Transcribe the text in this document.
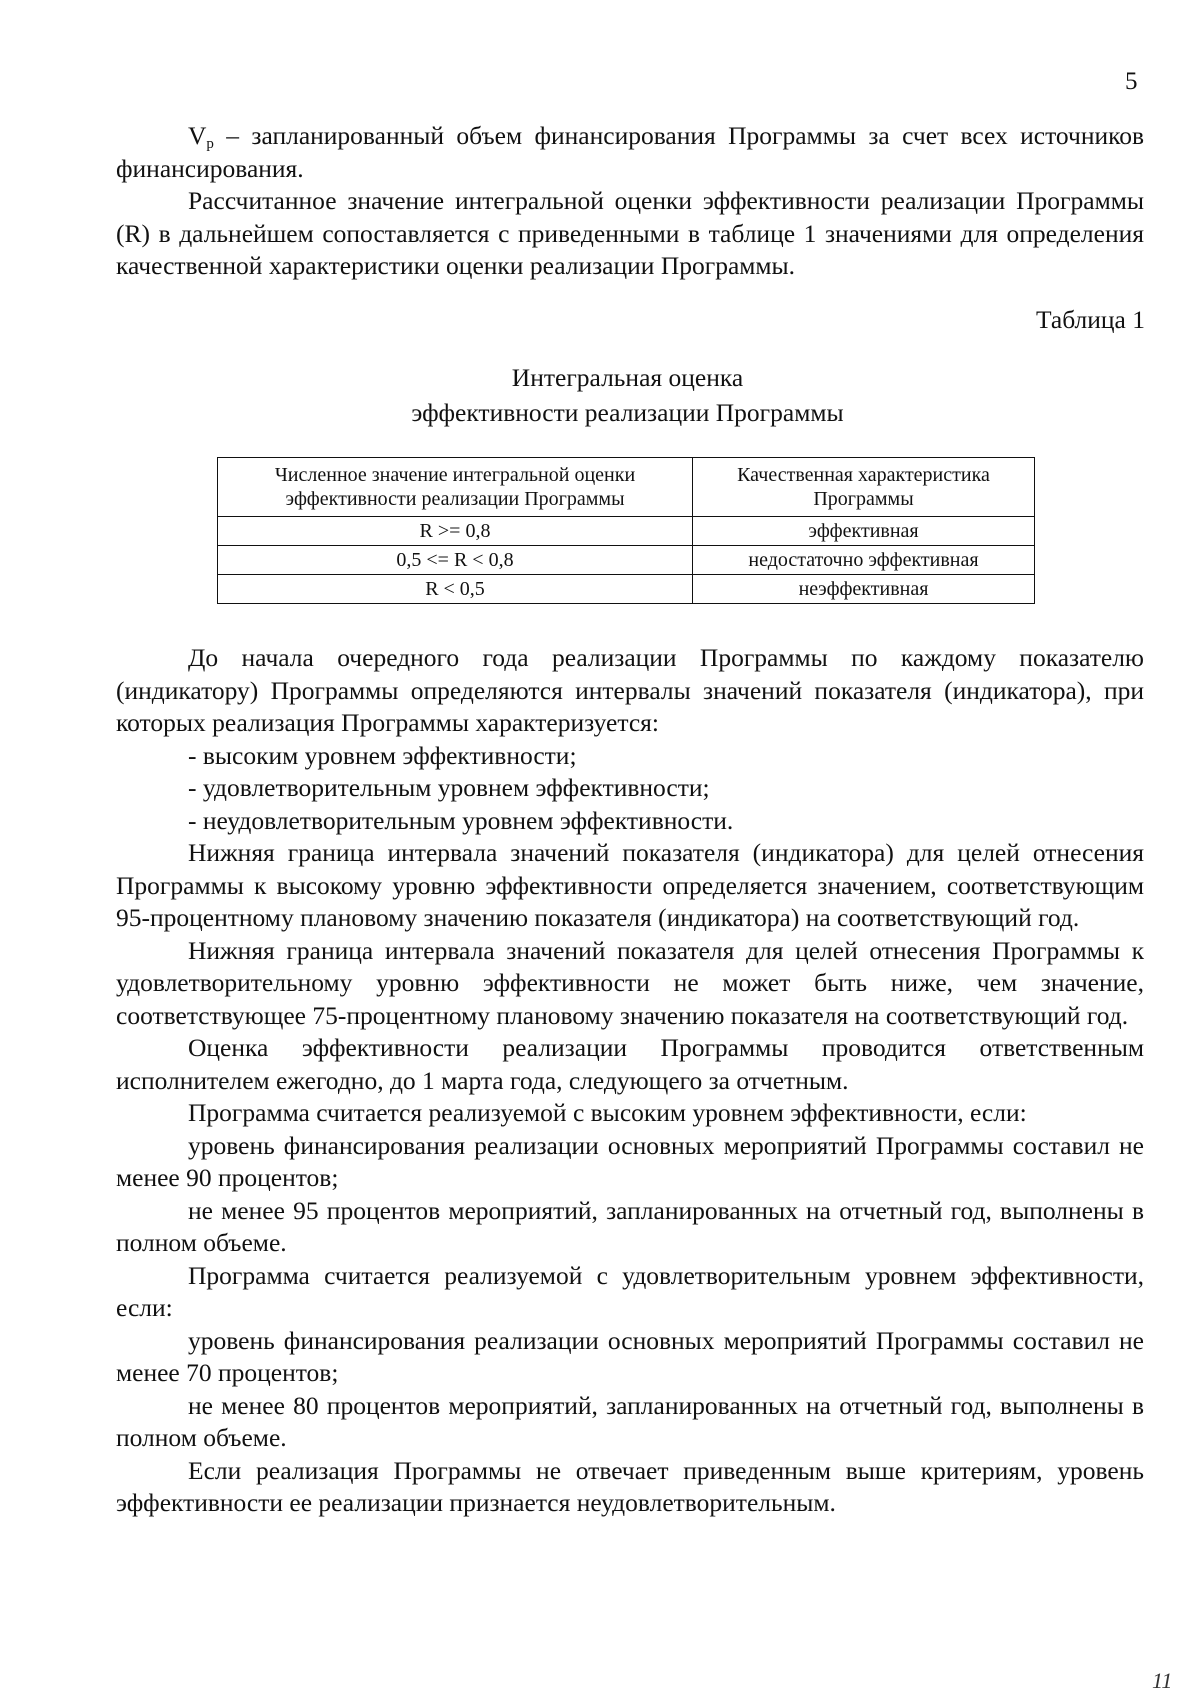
5

$V_p$ – запланированный объем финансирования Программы за счет всех источников финансирования.

Рассчитанное значение интегральной оценки эффективности реализации Программы (R) в дальнейшем сопоставляется с приведенными в таблице 1 значениями для определения качественной характеристики оценки реализации Программы.

Таблица 1
Интегральная оценка
эффективности реализации Программы
Численное значение интегральной оценки эффективности реализации Программы	Качественная характеристика Программы
R >= 0,8	эффективная
0,5 <= R < 0,8	недостаточно эффективная
R < 0,5	неэффективная

До начала очередного года реализации Программы по каждому показателю (индикатору) Программы определяются интервалы значений показателя (индикатора), при которых реализация Программы характеризуется:

- высоким уровнем эффективности;

- удовлетворительным уровнем эффективности;

- неудовлетворительным уровнем эффективности.

Нижняя граница интервала значений показателя (индикатора) для целей отнесения Программы к высокому уровню эффективности определяется значением, соответствующим 95-процентному плановому значению показателя (индикатора) на соответствующий год.

Нижняя граница интервала значений показателя для целей отнесения Программы к удовлетворительному уровню эффективности не может быть ниже, чем значение, соответствующее 75-процентному плановому значению показателя на соответствующий год.

Оценка эффективности реализации Программы проводится ответственным исполнителем ежегодно, до 1 марта года, следующего за отчетным.

Программа считается реализуемой с высоким уровнем эффективности, если:

уровень финансирования реализации основных мероприятий Программы составил не менее 90 процентов;

не менее 95 процентов мероприятий, запланированных на отчетный год, выполнены в полном объеме.

Программа считается реализуемой с удовлетворительным уровнем эффективности, если:

уровень финансирования реализации основных мероприятий Программы составил не менее 70 процентов;

не менее 80 процентов мероприятий, запланированных на отчетный год, выполнены в полном объеме.

Если реализация Программы не отвечает приведенным выше критериям, уровень эффективности ее реализации признается неудовлетворительным.

11
